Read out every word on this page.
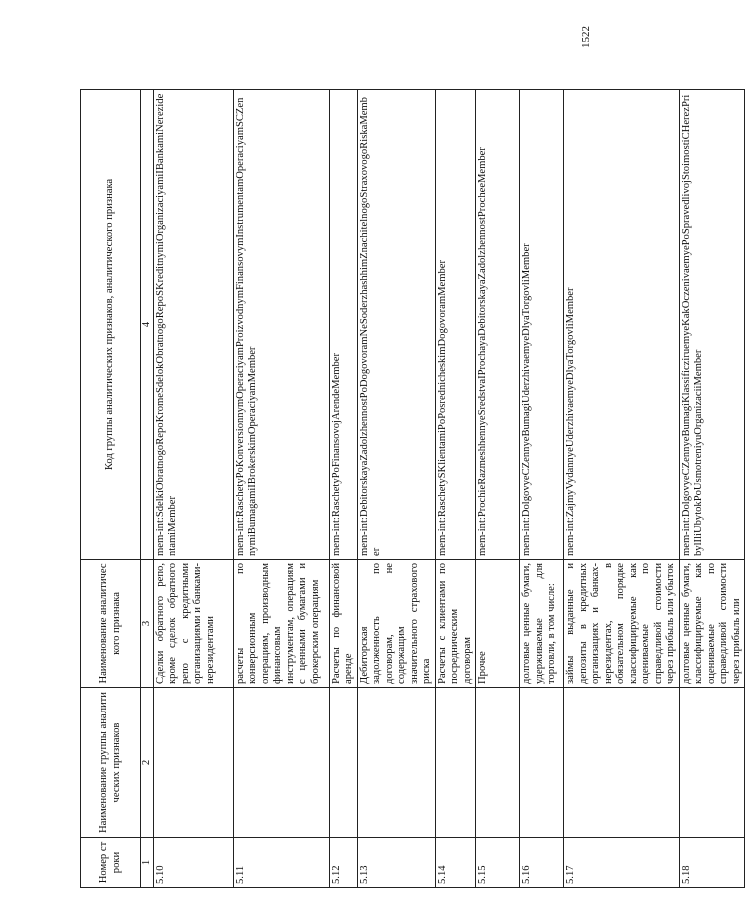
1522
Номер строки	Наименование группы аналитических признаков	Наименование аналитического признака	Код группы аналитических признаков, аналитического признака
1	2	3	4
5.10		Сделки обратного репо, кроме сделок обратного репо с кредитными организациями и банками-нерезидентами	mem-int:SdelkiObratnogoRepoKromeSdelokObratnogoRepoSKreditnymiOrganizaciyamiIBankamiNerezidentamiMember
5.11		расчеты по конверсионным операциям, производным финансовым инструментам, операциям с ценными бумагами и брокерским операциям	mem-int:RaschetyPoKonversionnymOperaciyamProizvodnymFinansovymInstrumentamOperaciyamSCZennymiBumagamiIBrokerskimOperaciyamMember
5.12		Расчеты по финансовой аренде	mem-int:RaschetyPoFinansovojArendeMember
5.13		Дебиторская задолженность по договорам, не содержащим значительного страхового риска	mem-int:DebitorskayaZadolzhennostPoDogovoramNeSoderzhashhimZnachitelnogoStraxovogoRiskaMember
5.14		Расчеты с клиентами по посредническим договорам	mem-int:RaschetySKlientamiPoPosrednicheskimDogovoramMember
5.15		Прочее	mem-int:ProchieRazmeshhennyeSredstvaIProchayaDebitorskayaZadolzhennostProcheeMember
5.16		долговые ценные бумаги, удерживаемые для торговли, в том числе:	mem-int:DolgovyeCZennyeBumagiUderzhivaemyeDlyaTorgovliMember
5.17		займы выданные и депозиты в кредитных организациях и банках-нерезидентах, в обязательном порядке классифицируемые как оцениваемые по справедливой стоимости через прибыль или убыток	mem-int:ZajmyVydannyeUderzhivaemyeDlyaTorgovliMember
5.18		долговые ценные бумаги, классифицируемые как оцениваемые по справедливой стоимости через прибыль или	mem-int:DolgovyeCZennyeBumagiKlassificziruemyeKakOczenivaemyePoSpravedlivojStoimostiCHerezPribylIliUbytokPoUsmotreniyuOrganizaciiMember
